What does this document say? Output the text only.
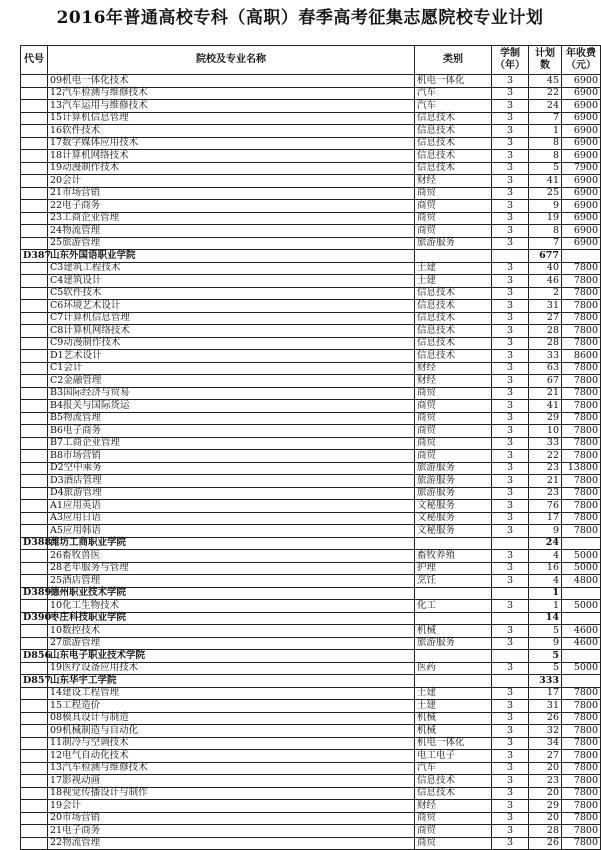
2016年普通高校专科（高职）春季高考征集志愿院校专业计划
代号	院校及专业名称	类别	学制（年）	计划数	年收费（元）
	09机电一体化技术	机电一体化	3	45	6900
	12汽车检测与维修技术	汽车	3	22	6900
	13汽车运用与维修技术	汽车	3	24	6900
	15计算机信息管理	信息技术	3	7	6900
	16软件技术	信息技术	3	1	6900
	17数字媒体应用技术	信息技术	3	8	6900
	18计算机网络技术	信息技术	3	8	6900
	19动漫制作技术	信息技术	3	5	7900
	20会计	财经	3	41	6900
	21市场营销	商贸	3	25	6900
	22电子商务	商贸	3	9	6900
	23工商企业管理	商贸	3	19	6900
	24物流管理	商贸	3	8	6900
	25旅游管理	旅游服务	3	7	6900
D387	山东外国语职业学院			677	
	C3建筑工程技术	土建	3	40	7800
	C4建筑设计	土建	3	46	7800
	C5软件技术	信息技术	3	2	7800
	C6环境艺术设计	信息技术	3	31	7800
	C7计算机信息管理	信息技术	3	27	7800
	C8计算机网络技术	信息技术	3	28	7800
	C9动漫制作技术	信息技术	3	28	7800
	D1艺术设计	信息技术	3	33	8600
	C1会计	财经	3	63	7800
	C2金融管理	财经	3	67	7800
	B3国际经济与贸易	商贸	3	21	7800
	B4报关与国际货运	商贸	3	41	7800
	B5物流管理	商贸	3	29	7800
	B6电子商务	商贸	3	10	7800
	B7工商企业管理	商贸	3	33	7800
	B8市场营销	商贸	3	22	7800
	D2空中乘务	旅游服务	3	23	13800
	D3酒店管理	旅游服务	3	21	7800
	D4旅游管理	旅游服务	3	23	7800
	A1应用英语	文秘服务	3	76	7800
	A3应用日语	文秘服务	3	17	7800
	A5应用韩语	文秘服务	3	9	7800
D388	潍坊工商职业学院			24	
	26畜牧兽医	畜牧养殖	3	4	5000
	28老年服务与管理	护理	3	16	5000
	25酒店管理	烹饪	3	4	4800
D389	德州职业技术学院			1	
	10化工生物技术	化工	3	1	5000
D390	枣庄科技职业学院			14	
	10数控技术	机械	3	5	4600
	27旅游管理	旅游服务	3	9	4600
D856	山东电子职业技术学院			5	
	19医疗设备应用技术	医药	3	5	5000
D857	山东华宇工学院			333	
	14建设工程管理	土建	3	17	7800
	15工程造价	土建	3	31	7800
	08模具设计与制造	机械	3	26	7800
	09机械制造与自动化	机械	3	32	7800
	11制冷与空调技术	机电一体化	3	34	7800
	12电气自动化技术	电工电子	3	27	7800
	13汽车检测与维修技术	汽车	3	20	7800
	17影视动画	信息技术	3	23	7800
	18视觉传播设计与制作	信息技术	3	20	7800
	19会计	财经	3	29	7800
	20市场营销	商贸	3	20	7800
	21电子商务	商贸	3	28	7800
	22物流管理	商贸	3	26	7800
